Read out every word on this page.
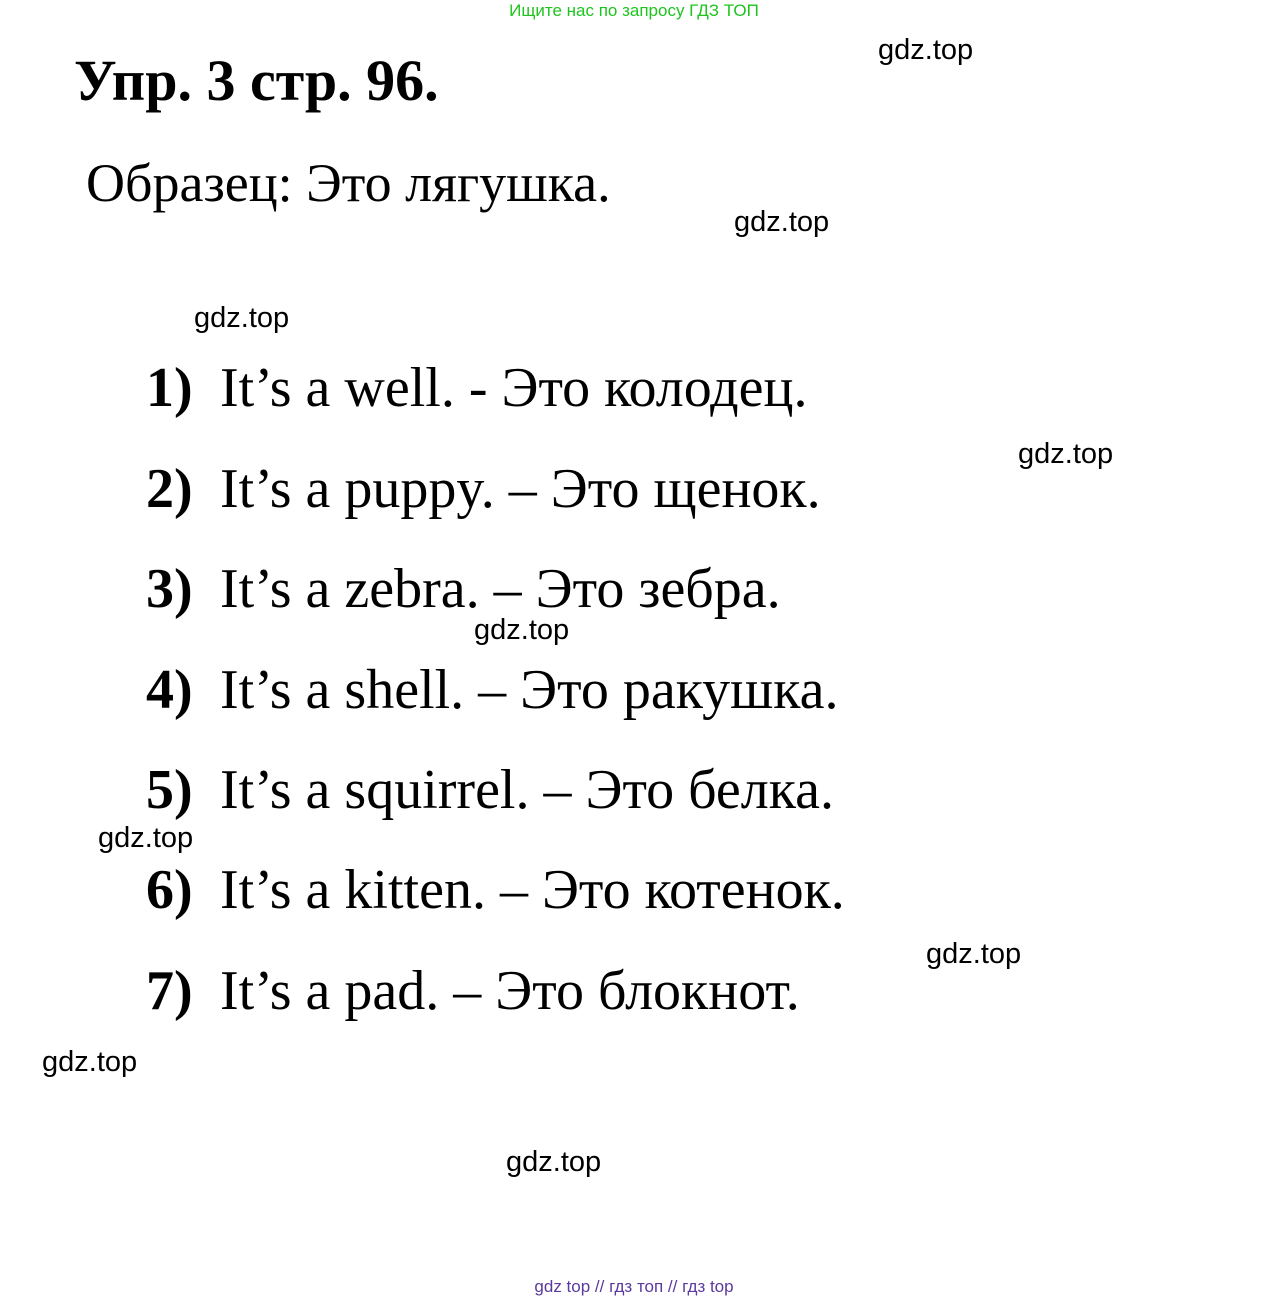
Ищите нас по запросу ГДЗ ТОП
Упр. 3 стр. 96.

Образец: Это лягушка.

1) It’s a well. - Это колодец.
2) It’s a puppy. – Это щенок.
3) It’s a zebra. – Это зебра.
4) It’s a shell. – Это ракушка.
5) It’s a squirrel. – Это белка.
6) It’s a kitten. – Это котенок.
7) It’s a pad. – Это блокнот.
gdz.top
gdz.top
gdz.top
gdz.top
gdz.top
gdz.top
gdz.top
gdz.top
gdz.top
gdz top // гдз топ // гдз top
